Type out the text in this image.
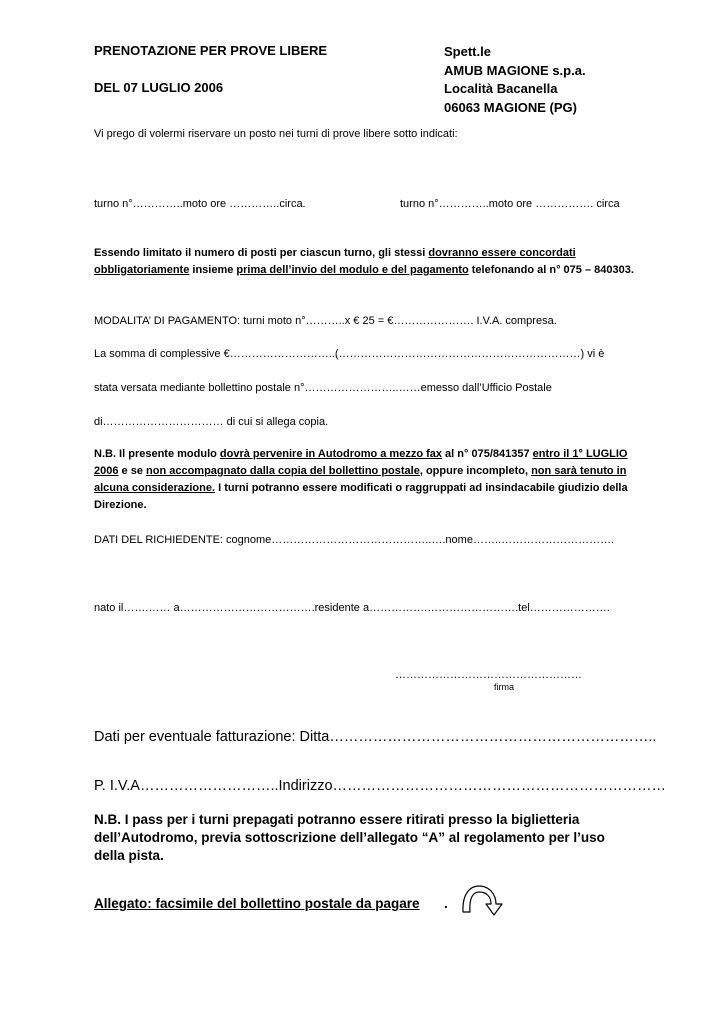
PRENOTAZIONE PER PROVE LIBERE
DEL 07 LUGLIO 2006
Spett.le
AMUB MAGIONE s.p.a.
Località Bacanella
06063 MAGIONE (PG)
Vi prego di volermi riservare un posto nei turni di prove libere sotto indicati:
turno n°…………..moto ore …………..circa.	turno n°…………..moto ore ……………. circa
Essendo limitato il numero di posti per ciascun turno, gli stessi dovranno essere concordati obbligatoriamente insieme prima dell’invio del modulo e del pagamento telefonando al n° 075 – 840303.
MODALITA’ DI PAGAMENTO: turni moto n°………..x € 25 = €…………………. I.V.A. compresa.
La somma di complessive €………………………..(…………………………………………………………) vi è
stata versata mediante bollettino postale n°……………………..……emesso dall’Ufficio Postale
di…………………………… di cui si allega copia.
N.B. Il presente modulo dovrà pervenire in Autodromo a mezzo fax al n° 075/841357 entro il 1° LUGLIO 2006 e se non accompagnato dalla copia del bollettino postale, oppure incompleto, non sarà tenuto in alcuna considerazione. I turni potranno essere modificati o raggruppati ad insindacabile giudizio della Direzione.
DATI DEL RICHIEDENTE: cognome……………………………………..….nome……..………………………….
nato il…….…… a……………………………….residente a…………….…………………….tel………………….
……………………………………………
firma
Dati per eventuale fatturazione: Ditta…………………………………………………………..
P. I.V.A………………………..Indirizzo……………………………………………………………
N.B. I pass per i turni prepagati potranno essere ritirati presso la biglietteria dell’Autodromo, previa sottoscrizione dell’allegato “A” al regolamento per l’uso della pista.
Allegato: facsimile del bollettino postale da pagare .
